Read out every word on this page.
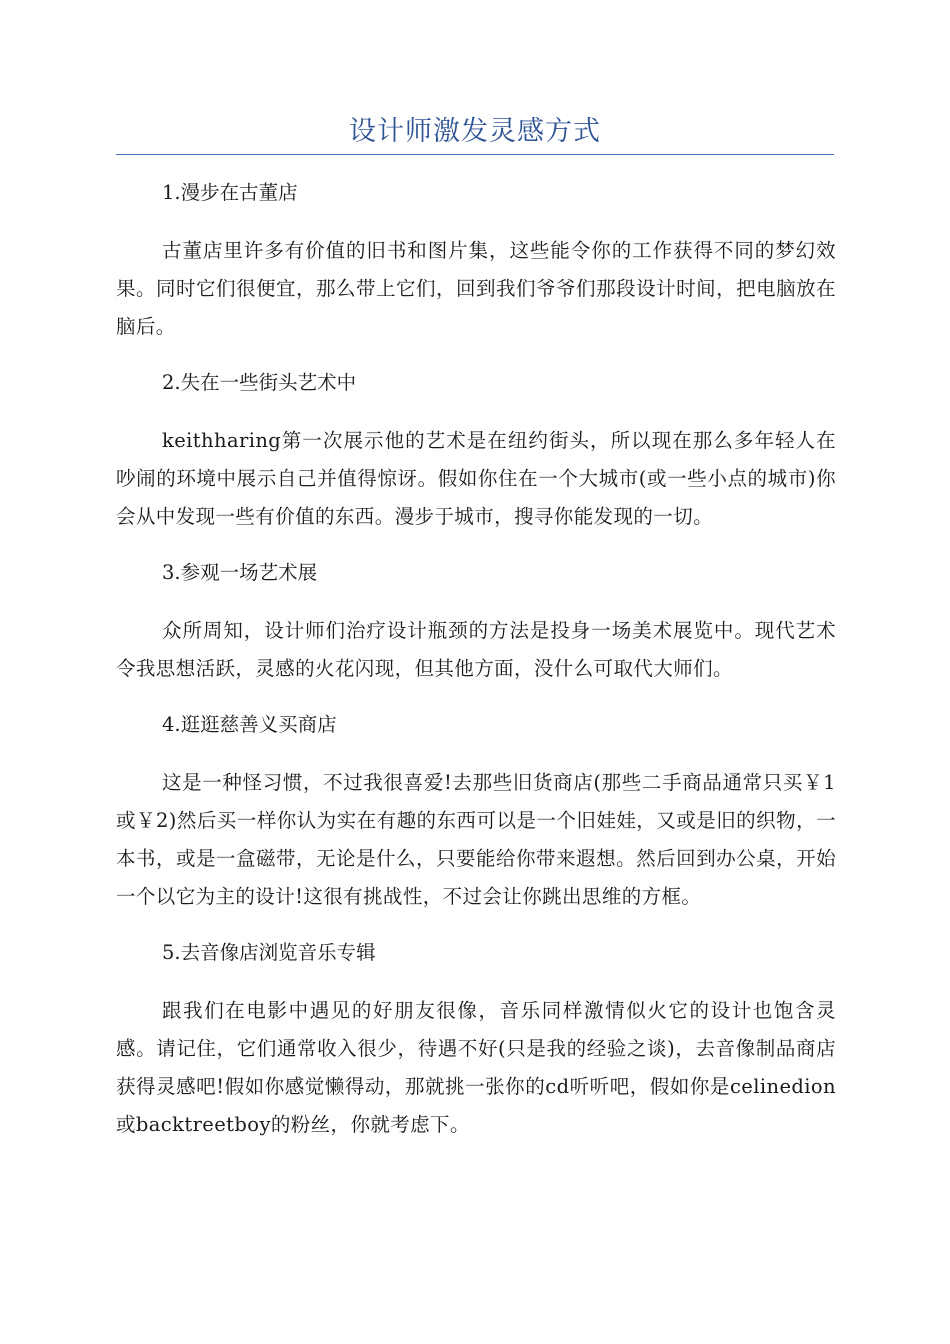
设计师激发灵感方式
1.漫步在古董店
古董店里许多有价值的旧书和图片集，这些能令你的工作获得不同的梦幻效果。同时它们很便宜，那么带上它们，回到我们爷爷们那段设计时间，把电脑放在脑后。
2.失在一些街头艺术中
keithharing第一次展示他的艺术是在纽约街头，所以现在那么多年轻人在吵闹的环境中展示自己并值得惊讶。假如你住在一个大城市(或一些小点的城市)你会从中发现一些有价值的东西。漫步于城市，搜寻你能发现的一切。
3.参观一场艺术展
众所周知，设计师们治疗设计瓶颈的方法是投身一场美术展览中。现代艺术令我思想活跃，灵感的火花闪现，但其他方面，没什么可取代大师们。
4.逛逛慈善义买商店
这是一种怪习惯，不过我很喜爱!去那些旧货商店(那些二手商品通常只买￥1或￥2)然后买一样你认为实在有趣的东西可以是一个旧娃娃，又或是旧的织物，一本书，或是一盒磁带，无论是什么，只要能给你带来遐想。然后回到办公桌，开始一个以它为主的设计!这很有挑战性，不过会让你跳出思维的方框。
5.去音像店浏览音乐专辑
跟我们在电影中遇见的好朋友很像，音乐同样激情似火它的设计也饱含灵感。请记住，它们通常收入很少，待遇不好(只是我的经验之谈)，去音像制品商店获得灵感吧!假如你感觉懒得动，那就挑一张你的cd听听吧，假如你是celinedion或backtreetboy的粉丝，你就考虑下。
